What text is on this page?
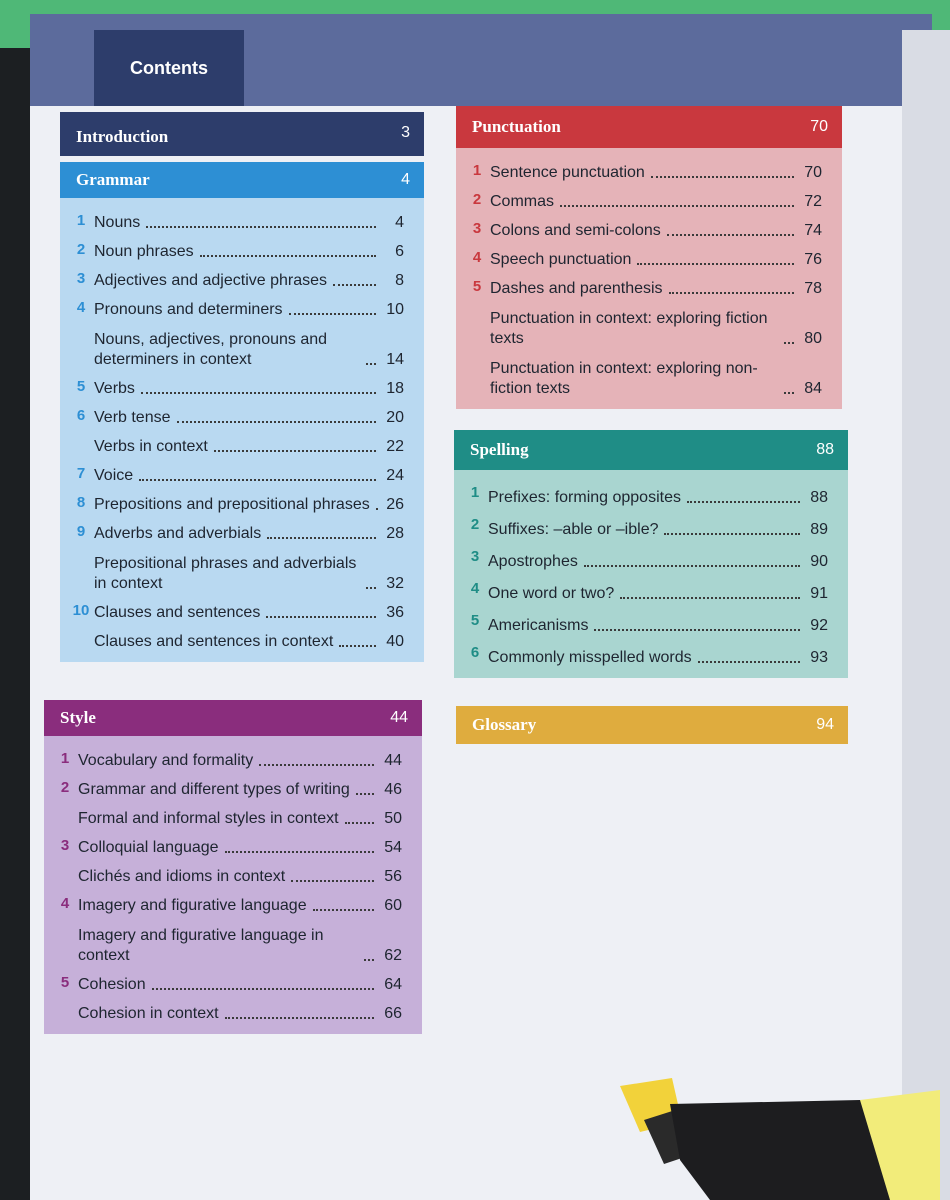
Contents
Introduction	3
Grammar	4
1 Nouns	4
2 Noun phrases	6
3 Adjectives and adjective phrases	8
4 Pronouns and determiners	10
Nouns, adjectives, pronouns and determiners in context	14
5 Verbs	18
6 Verb tense	20
Verbs in context	22
7 Voice	24
8 Prepositions and prepositional phrases	26
9 Adverbs and adverbials	28
Prepositional phrases and adverbials in context	32
10 Clauses and sentences	36
Clauses and sentences in context	40
Style	44
1 Vocabulary and formality	44
2 Grammar and different types of writing	46
Formal and informal styles in context	50
3 Colloquial language	54
Clichés and idioms in context	56
4 Imagery and figurative language	60
Imagery and figurative language in context	62
5 Cohesion	64
Cohesion in context	66
Punctuation	70
1 Sentence punctuation	70
2 Commas	72
3 Colons and semi-colons	74
4 Speech punctuation	76
5 Dashes and parenthesis	78
Punctuation in context: exploring fiction texts	80
Punctuation in context: exploring non-fiction texts	84
Spelling	88
1 Prefixes: forming opposites	88
2 Suffixes: –able or –ible?	89
3 Apostrophes	90
4 One word or two?	91
5 Americanisms	92
6 Commonly misspelled words	93
Glossary	94
